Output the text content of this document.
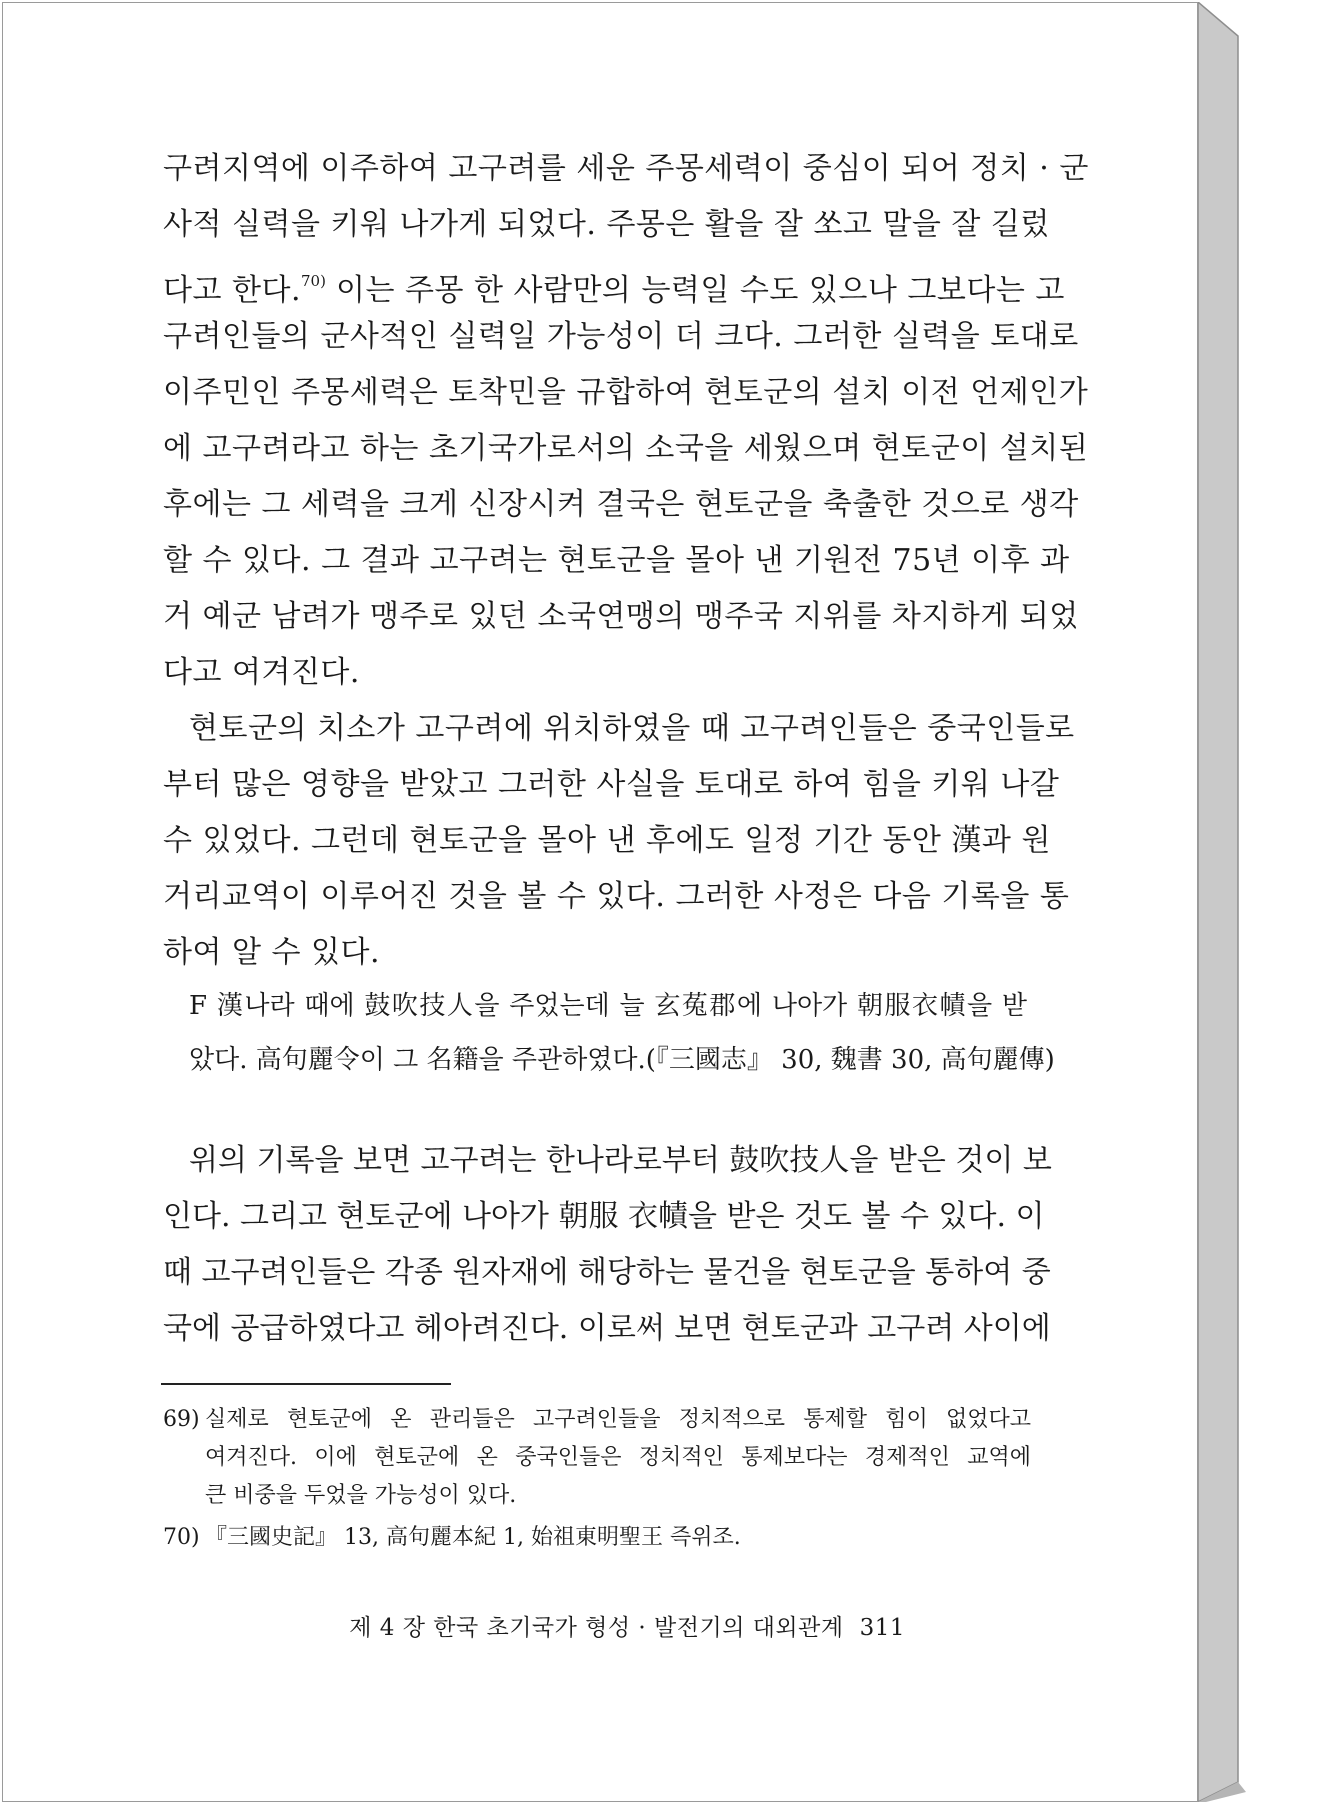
구려지역에 이주하여 고구려를 세운 주몽세력이 중심이 되어 정치 · 군
사적 실력을 키워 나가게 되었다. 주몽은 활을 잘 쏘고 말을 잘 길렀
다고 한다.$^{70)}$ 이는 주몽 한 사람만의 능력일 수도 있으나 그보다는 고
구려인들의 군사적인 실력일 가능성이 더 크다. 그러한 실력을 토대로
이주민인 주몽세력은 토착민을 규합하여 현토군의 설치 이전 언제인가
에 고구려라고 하는 초기국가로서의 소국을 세웠으며 현토군이 설치된
후에는 그 세력을 크게 신장시켜 결국은 현토군을 축출한 것으로 생각
할 수 있다. 그 결과 고구려는 현토군을 몰아 낸 기원전 75년 이후 과
거 예군 남려가 맹주로 있던 소국연맹의 맹주국 지위를 차지하게 되었
다고 여겨진다.
현토군의 치소가 고구려에 위치하였을 때 고구려인들은 중국인들로
부터 많은 영향을 받았고 그러한 사실을 토대로 하여 힘을 키워 나갈
수 있었다. 그런데 현토군을 몰아 낸 후에도 일정 기간 동안 漢과 원
거리교역이 이루어진 것을 볼 수 있다. 그러한 사정은 다음 기록을 통
하여 알 수 있다.
F 漢나라 때에 鼓吹技人을 주었는데 늘 玄菟郡에 나아가 朝服衣幘을 받
았다. 高句麗令이 그 名籍을 주관하였다.(『三國志』 30, 魏書 30, 高句麗傳)
위의 기록을 보면 고구려는 한나라로부터 鼓吹技人을 받은 것이 보
인다. 그리고 현토군에 나아가 朝服 衣幘을 받은 것도 볼 수 있다. 이
때 고구려인들은 각종 원자재에 해당하는 물건을 현토군을 통하여 중
국에 공급하였다고 헤아려진다. 이로써 보면 현토군과 고구려 사이에
69) 실제로 현토군에 온 관리들은 고구려인들을 정치적으로 통제할 힘이 없었다고
여겨진다. 이에 현토군에 온 중국인들은 정치적인 통제보다는 경제적인 교역에
큰 비중을 두었을 가능성이 있다.
70) 『三國史記』 13, 高句麗本紀 1, 始祖東明聖王 즉위조.
제 4 장 한국 초기국가 형성 · 발전기의 대외관계 311
